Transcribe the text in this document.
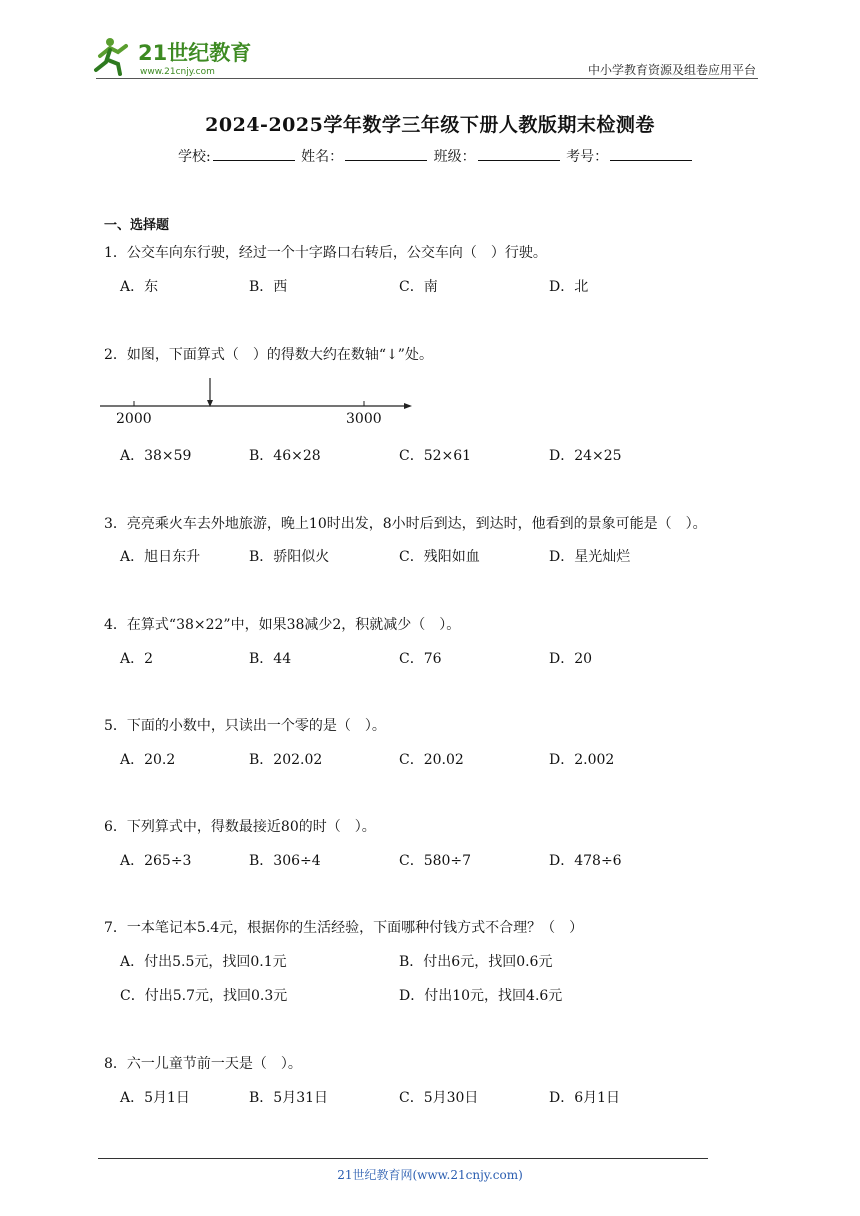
21世纪教育
www.21cnjy.com	中小学教育资源及组卷应用平台
2024-2025学年数学三年级下册人教版期末检测卷
学校:	姓名：	班级：	考号：
一、选择题
1．公交车向东行驶，经过一个十字路口右转后，公交车向（　）行驶。
A．东	B．西	C．南	D．北
2．如图，下面算式（　）的得数大约在数轴“↓”处。
2000	3000
A．38×59	B．46×28	C．52×61	D．24×25
3．亮亮乘火车去外地旅游，晚上10时出发，8小时后到达，到达时，他看到的景象可能是（　）。
A．旭日东升	B．骄阳似火	C．残阳如血	D．星光灿烂
4．在算式“38×22”中，如果38减少2，积就减少（　）。
A．2	B．44	C．76	D．20
5．下面的小数中，只读出一个零的是（　）。
A．20.2	B．202.02	C．20.02	D．2.002
6．下列算式中，得数最接近80的时（　）。
A．265÷3	B．306÷4	C．580÷7	D．478÷6
7．一本笔记本5.4元，根据你的生活经验，下面哪种付钱方式不合理？（　）
A．付出5.5元，找回0.1元	B．付出6元，找回0.6元
C．付出5.7元，找回0.3元	D．付出10元，找回4.6元
8．六一儿童节前一天是（　）。
A．5月1日	B．5月31日	C．5月30日	D．6月1日
21世纪教育网(www.21cnjy.com)
